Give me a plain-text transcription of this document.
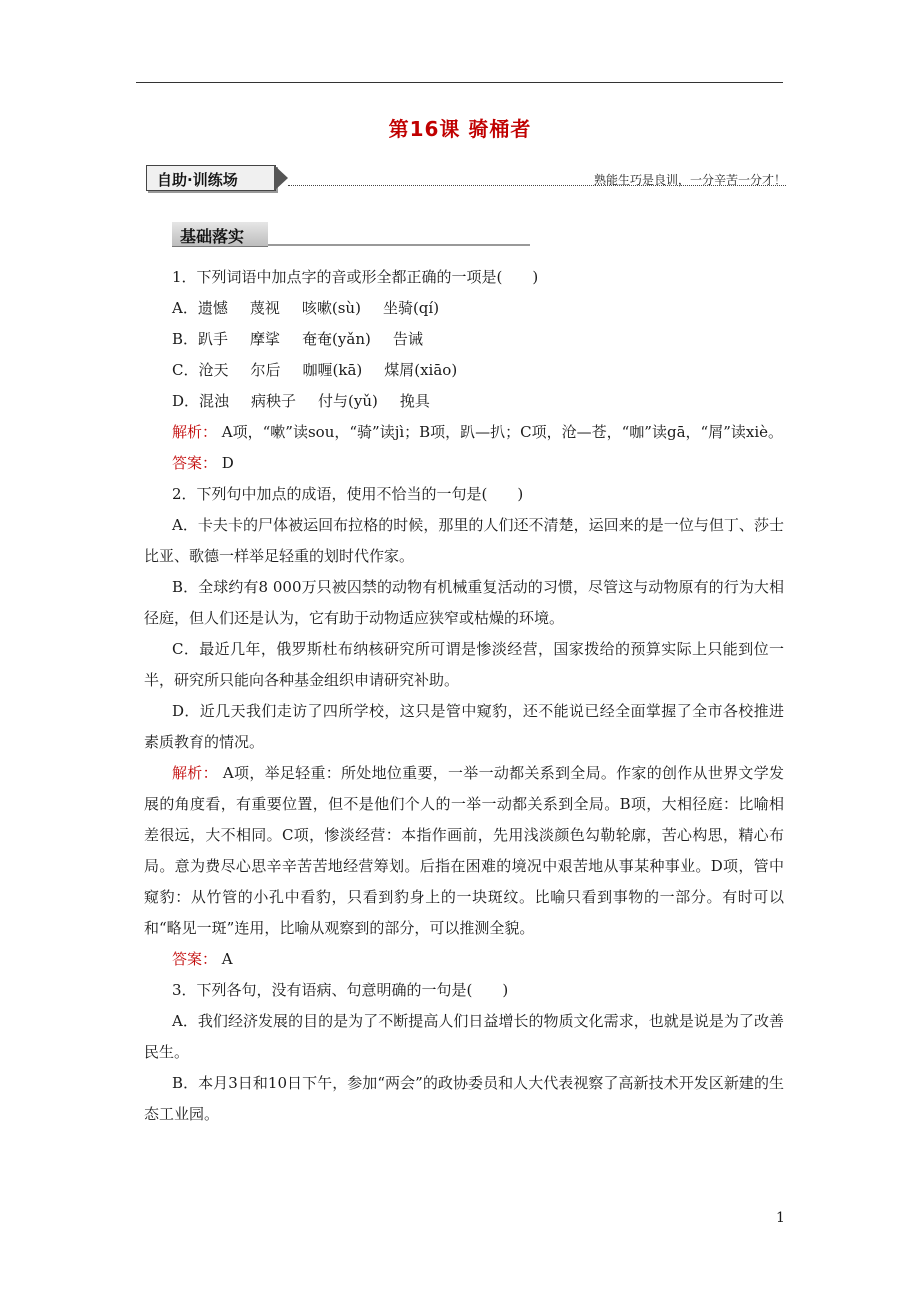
第16课 骑桶者
自助·训练场	熟能生巧是良训，一分辛苦一分才！
基础落实

1．下列词语中加点字的音或形全都正确的一项是(　　)

A．遗憾 蔑视 咳嗽(sù) 坐骑(qí)

B．趴手 摩挲 奄奄(yǎn) 告诫

C．沧天 尔后 咖喱(kā) 煤屑(xiāo)

D．混浊 病秧子 付与(yǔ) 挽具

解析： A项，“嗽”读sou，“骑”读jì；B项，趴—扒；C项，沧—苍，“咖”读gā，“屑”读xiè。

答案： D

2．下列句中加点的成语，使用不恰当的一句是(　　)

A．卡夫卡的尸体被运回布拉格的时候，那里的人们还不清楚，运回来的是一位与但丁、莎士比亚、歌德一样举足轻重的划时代作家。

B．全球约有8 000万只被囚禁的动物有机械重复活动的习惯，尽管这与动物原有的行为大相径庭，但人们还是认为，它有助于动物适应狭窄或枯燥的环境。

C．最近几年，俄罗斯杜布纳核研究所可谓是惨淡经营，国家拨给的预算实际上只能到位一半，研究所只能向各种基金组织申请研究补助。

D．近几天我们走访了四所学校，这只是管中窥豹，还不能说已经全面掌握了全市各校推进素质教育的情况。

解析： A项，举足轻重：所处地位重要，一举一动都关系到全局。作家的创作从世界文学发展的角度看，有重要位置，但不是他们个人的一举一动都关系到全局。B项，大相径庭：比喻相差很远，大不相同。C项，惨淡经营：本指作画前，先用浅淡颜色勾勒轮廓，苦心构思，精心布局。意为费尽心思辛辛苦苦地经营筹划。后指在困难的境况中艰苦地从事某种事业。D项，管中窥豹：从竹管的小孔中看豹，只看到豹身上的一块斑纹。比喻只看到事物的一部分。有时可以和“略见一斑”连用，比喻从观察到的部分，可以推测全貌。

答案： A

3．下列各句，没有语病、句意明确的一句是(　　)

A．我们经济发展的目的是为了不断提高人们日益增长的物质文化需求，也就是说是为了改善民生。

B．本月3日和10日下午，参加“两会”的政协委员和人大代表视察了高新技术开发区新建的生态工业园。

1
